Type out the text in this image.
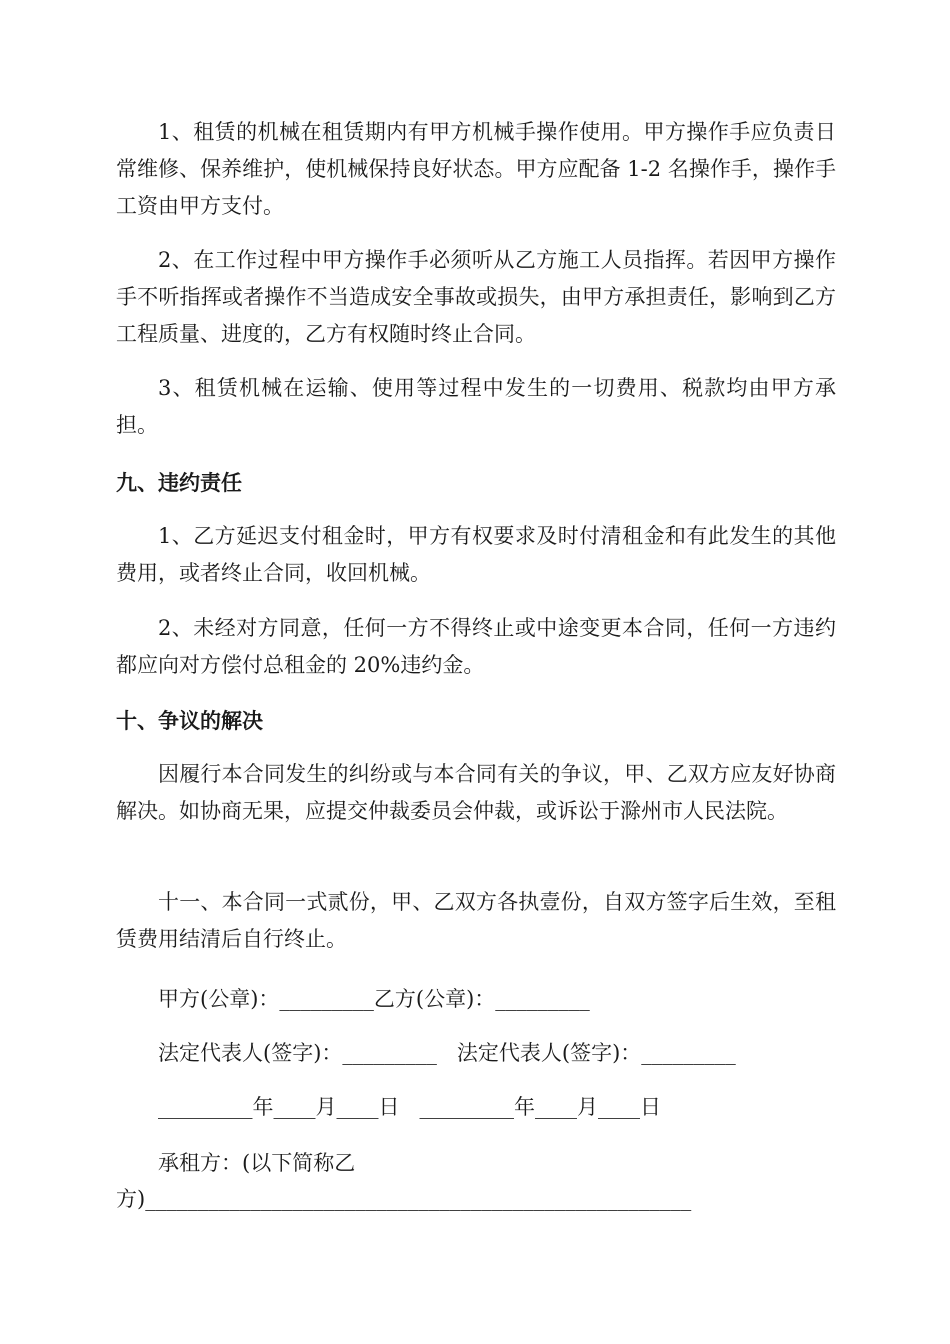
1、租赁的机械在租赁期内有甲方机械手操作使用。甲方操作手应负责日常维修、保养维护，使机械保持良好状态。甲方应配备 1-2 名操作手，操作手工资由甲方支付。

2、在工作过程中甲方操作手必须听从乙方施工人员指挥。若因甲方操作手不听指挥或者操作不当造成安全事故或损失，由甲方承担责任，影响到乙方工程质量、进度的，乙方有权随时终止合同。

3、租赁机械在运输、使用等过程中发生的一切费用、税款均由甲方承担。

九、违约责任

1、乙方延迟支付租金时，甲方有权要求及时付清租金和有此发生的其他费用，或者终止合同，收回机械。

2、未经对方同意，任何一方不得终止或中途变更本合同，任何一方违约都应向对方偿付总租金的 20%违约金。

十、争议的解决

因履行本合同发生的纠纷或与本合同有关的争议，甲、乙双方应友好协商解决。如协商无果，应提交仲裁委员会仲裁，或诉讼于滁州市人民法院。

十一、本合同一式贰份，甲、乙双方各执壹份，自双方签字后生效，至租赁费用结清后自行终止。

甲方(公章)：_________乙方(公章)：_________

法定代表人(签字)：_________   法定代表人(签字)：_________

_________年____月____日   _________年____月____日

承租方：(以下简称乙

方)____________________________________________________
